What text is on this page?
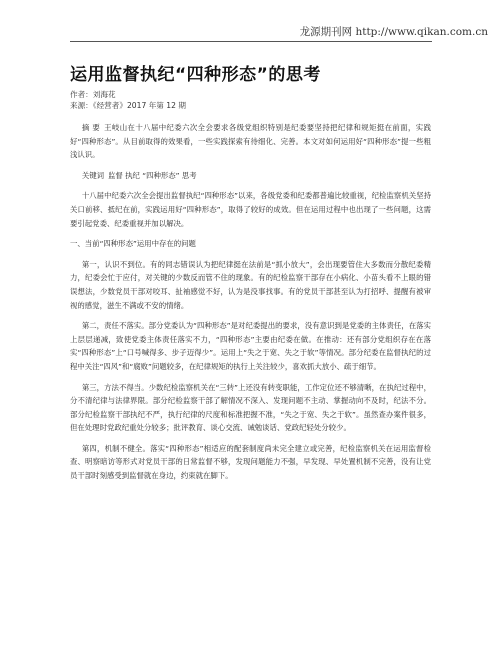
龙源期刊网 http://www.qikan.com.cn
运用监督执纪“四种形态”的思考
作者：刘海花
来源：《经营者》2017 年第 12 期

摘 要 王岐山在十八届中纪委六次全会要求各级党组织特别是纪委要坚持把纪律和规矩挺在前面，实践好“四种形态”。从目前取得的效果看，一些实践探索有待细化、完善。本文对如何运用好“四种形态”提一些粗浅认识。

关键词 监督 执纪 “四种形态” 思考

十八届中纪委六次全会提出监督执纪“四种形态”以来，各级党委和纪委都普遍比较重视，纪检监察机关坚持关口前移、抵纪在前，实践运用好“四种形态”，取得了较好的成效。但在运用过程中也出现了一些问题，这需要引起党委、纪委重视并加以解决。

一、当前“四种形态”运用中存在的问题

第一，认识不到位。有的同志错误认为把纪律挺在法前是“抓小放大”，会出现要管住大多数而分散纪委精力，纪委会忙于应付，对关键的少数反而管不住的现象。有的纪检监察干部存在小病化、小苗头看不上眼的错误想法，少数党员干部对咬耳、扯袖感觉不好，认为是没事找事。有的党员干部甚至认为打招呼、提醒有被审视的感觉，滋生不满或不安的情绪。

第二，责任不落实。部分党委认为“四种形态”是对纪委提出的要求，没有意识到是党委的主体责任，在落实上层层递减，致使党委主体责任落实不力，“四种形态”主要由纪委在做。在推动：还有部分党组织存在在落实“四种形态”上“口号喊得多、步子迈得少”。运用上“失之于宽、失之于软”等情况。部分纪委在监督执纪的过程中关注“四风”和“腐败”问题较多，在纪律规矩的执行上关注较少，喜欢抓大放小、疏于细节。

第三，方法不得当。少数纪检监察机关在“三转”上还没有转变职能，工作定位还不够清晰，在执纪过程中，分不清纪律与法律界限。部分纪检监察干部了解情况不深入、发现问题不主动、掌握动向不及时，纪法不分。部分纪检监察干部执纪不严，执行纪律的尺度和标准把握不准，“失之于宽、失之于软”。虽然查办案件很多，但在处理时党政纪重处分较多；批评教育、谈心交流、诫勉谈话、党政纪轻处分较少。

第四，机制不健全。落实“四种形态”相适应的配套制度尚未完全建立或完善，纪检监察机关在运用监督检查、明察暗访等形式对党员干部的日常监督不够，发现问题能力不强，早发现、早处置机制不完善，没有让党员干部时刻感受到监督就在身边，约束就在脚下。
